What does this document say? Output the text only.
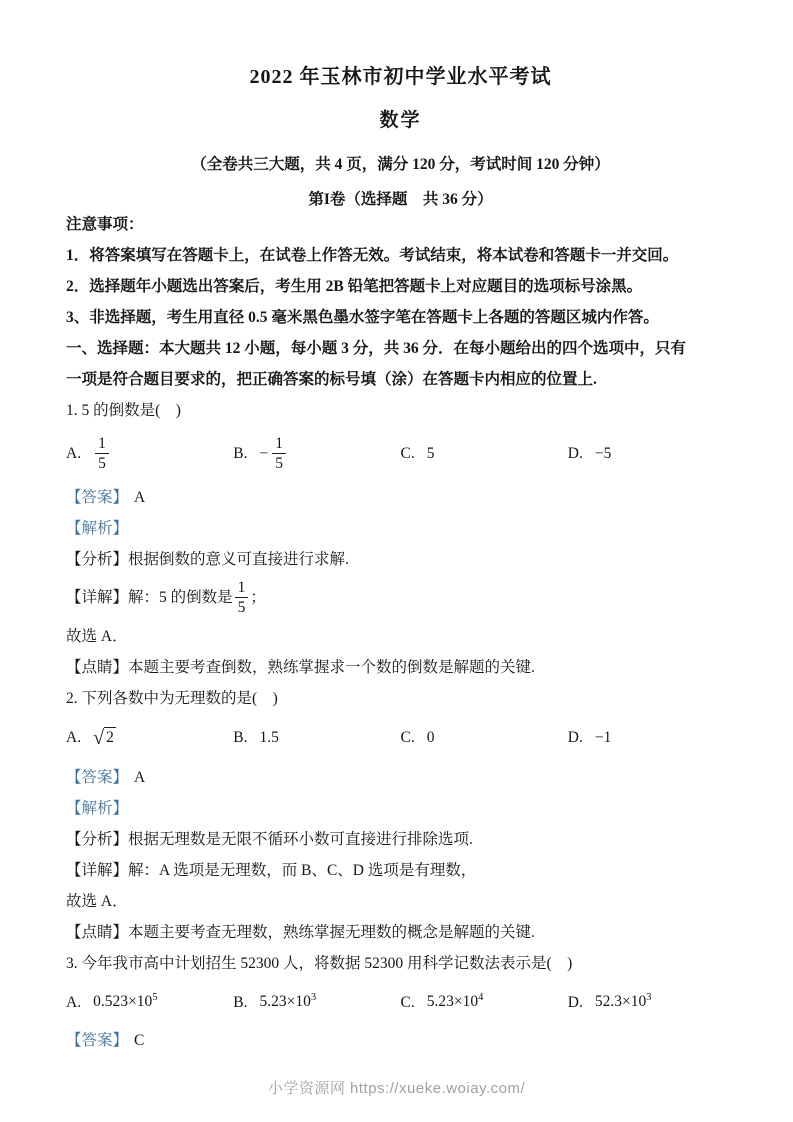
2022 年玉林市初中学业水平考试
数学
（全卷共三大题，共 4 页，满分 120 分，考试时间 120 分钟）
第I卷（选择题　共 36 分）

注意事项：

1．将答案填写在答题卡上，在试卷上作答无效。考试结束，将本试卷和答题卡一并交回。

2．选择题年小题选出答案后，考生用 2B 铅笔把答题卡上对应题目的选项标号涂黑。

3、非选择题，考生用直径 0.5 毫米黑色墨水签字笔在答题卡上各题的答题区城内作答。

一、选择题：本大题共 12 小题，每小题 3 分，共 36 分．在每小题给出的四个选项中，只有

一项是符合题目要求的，把正确答案的标号填（涂）在答题卡内相应的位置上.

1. 5 的倒数是(　)

A. $\frac{1}{5}$	B. − $\frac{1}{5}$	C. 5	D. −5

【答案】 A

【解析】

【分析】根据倒数的意义可直接进行求解.

【详解】解：5 的倒数是 $\frac{1}{5}$ ；

故选 A．

【点睛】本题主要考查倒数，熟练掌握求一个数的倒数是解题的关键.

2. 下列各数中为无理数的是(　)

A. √ 2	B. 1.5	C. 0	D. −1

【答案】 A

【解析】

【分析】根据无理数是无限不循环小数可直接进行排除选项.

【详解】解：A 选项是无理数，而 B、C、D 选项是有理数，

故选 A．

【点睛】本题主要考查无理数，熟练掌握无理数的概念是解题的关键.

3. 今年我市高中计划招生 52300 人，将数据 52300 用科学记数法表示是(　)

A. $0.523\times 10^5$	B. $5.23\times 10^3$	C. $5.23\times 10^4$	D. $52.3\times 10^3$

【答案】 C

小学资源网 https://xueke.woiay.com/
